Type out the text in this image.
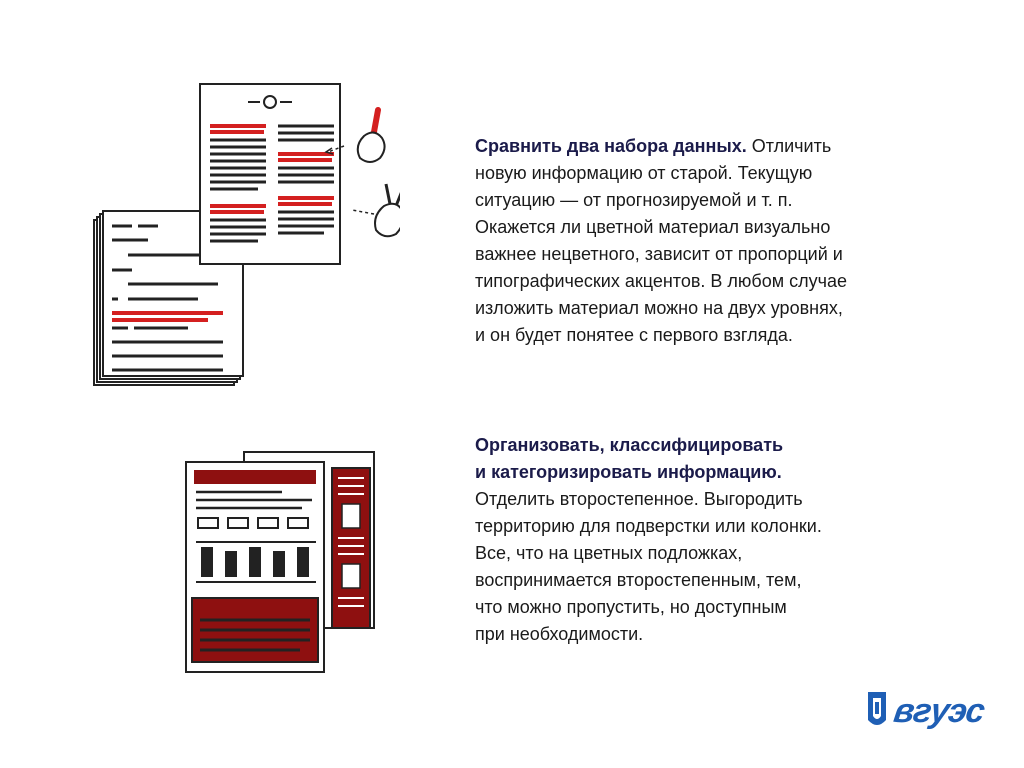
Сравнить два набора данных. Отличить
новую информацию от старой. Текущую
ситуацию — от прогнозируемой и т. п.
Окажется ли цветной материал визуально
важнее нецветного, зависит от пропорций и
типографических акцентов. В любом случае
изложить материал можно на двух уровнях,
и он будет понятее с первого взгляда.

Организовать, классифицировать
и категоризировать информацию.
Отделить второстепенное. Выгородить
территорию для подверстки или колонки.
Все, что на цветных подложках,
воспринимается второстепенным, тем,
что можно пропустить, но доступным
при необходимости.

вгуэс
